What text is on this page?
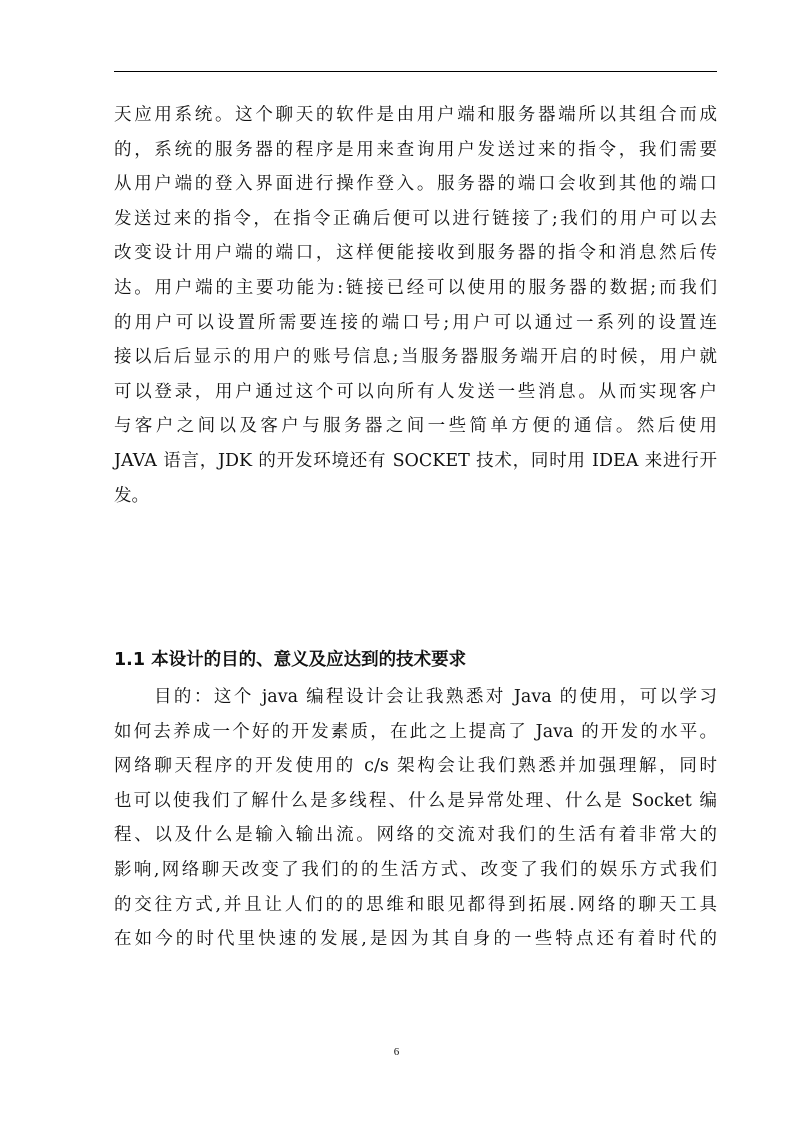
天应用系统。这个聊天的软件是由用户端和服务器端所以其组合而成
的，系统的服务器的程序是用来查询用户发送过来的指令，我们需要
从用户端的登入界面进行操作登入。服务器的端口会收到其他的端口
发送过来的指令，在指令正确后便可以进行链接了;我们的用户可以去
改变设计用户端的端口，这样便能接收到服务器的指令和消息然后传
达。用户端的主要功能为:链接已经可以使用的服务器的数据;而我们
的用户可以设置所需要连接的端口号;用户可以通过一系列的设置连
接以后后显示的用户的账号信息;当服务器服务端开启的时候，用户就
可以登录，用户通过这个可以向所有人发送一些消息。从而实现客户
与客户之间以及客户与服务器之间一些简单方便的通信。然后使用
JAVA 语言，JDK 的开发环境还有 SOCKET 技术，同时用 IDEA 来进行开
发。
1.1 本设计的目的、意义及应达到的技术要求
　　目的：这个 java 编程设计会让我熟悉对 Java 的使用，可以学习
如何去养成一个好的开发素质，在此之上提高了 Java 的开发的水平。
网络聊天程序的开发使用的 c/s 架构会让我们熟悉并加强理解，同时
也可以使我们了解什么是多线程、什么是异常处理、什么是 Socket 编
程、以及什么是输入输出流。网络的交流对我们的生活有着非常大的
影响,网络聊天改变了我们的的生活方式、改变了我们的娱乐方式我们
的交往方式,并且让人们的的思维和眼见都得到拓展.网络的聊天工具
在如今的时代里快速的发展,是因为其自身的一些特点还有着时代的
6
